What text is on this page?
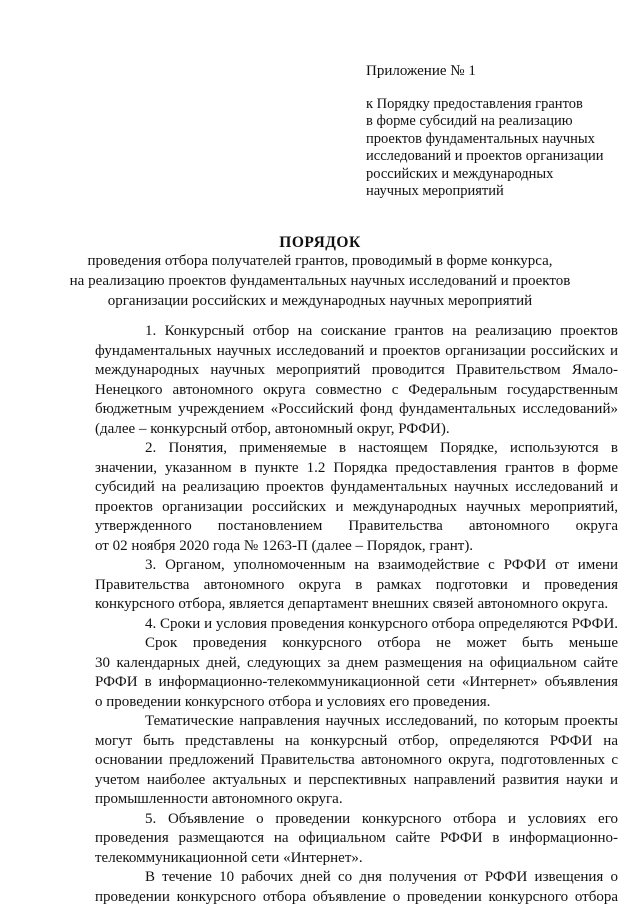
Приложение № 1
к Порядку предоставления грантов
в форме субсидий на реализацию
проектов фундаментальных научных
исследований и проектов организации
российских и международных
научных мероприятий
ПОРЯДОК
проведения отбора получателей грантов, проводимый в форме конкурса,
на реализацию проектов фундаментальных научных исследований и проектов
организации российских и международных научных мероприятий
1. Конкурсный отбор на соискание грантов на реализацию проектов
фундаментальных научных исследований и проектов организации российских и
международных научных мероприятий проводится Правительством Ямало-
Ненецкого автономного округа совместно с Федеральным государственным
бюджетным учреждением «Российский фонд фундаментальных исследований»
(далее – конкурсный отбор, автономный округ, РФФИ).
2. Понятия, применяемые в настоящем Порядке, используются в
значении, указанном в пункте 1.2 Порядка предоставления грантов в форме
субсидий на реализацию проектов фундаментальных научных исследований и
проектов организации российских и международных научных мероприятий,
утвержденного постановлением Правительства автономного округа
от 02 ноября 2020 года № 1263-П (далее – Порядок, грант).
3. Органом, уполномоченным на взаимодействие с РФФИ от имени
Правительства автономного округа в рамках подготовки и проведения
конкурсного отбора, является департамент внешних связей автономного округа.
4. Сроки и условия проведения конкурсного отбора определяются РФФИ.
Срок проведения конкурсного отбора не может быть меньше
30 календарных дней, следующих за днем размещения на официальном сайте
РФФИ в информационно-телекоммуникационной сети «Интернет» объявления
о проведении конкурсного отбора и условиях его проведения.
Тематические направления научных исследований, по которым проекты
могут быть представлены на конкурсный отбор, определяются РФФИ на
основании предложений Правительства автономного округа, подготовленных с
учетом наиболее актуальных и перспективных направлений развития науки и
промышленности автономного округа.
5. Объявление о проведении конкурсного отбора и условиях его
проведения размещаются на официальном сайте РФФИ в информационно-
телекоммуникационной сети «Интернет».
В течение 10 рабочих дней со дня получения от РФФИ извещения о
проведении конкурсного отбора объявление о проведении конкурсного отбора
